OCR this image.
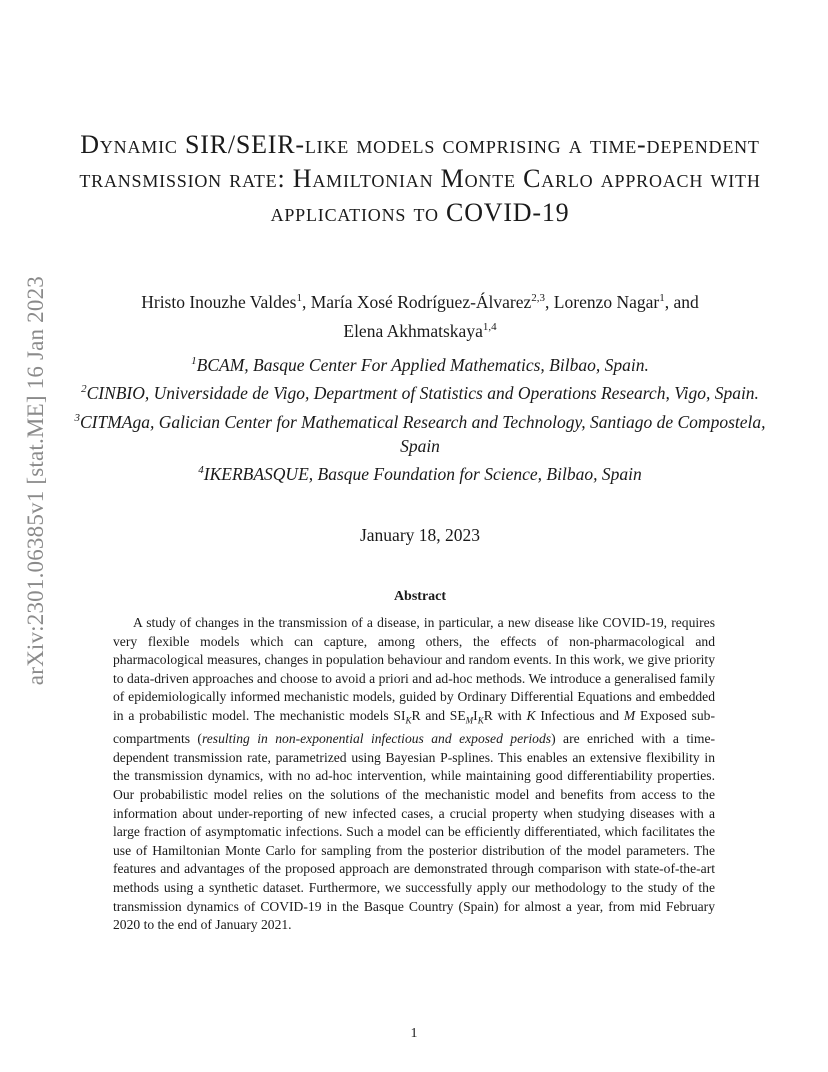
arXiv:2301.06385v1 [stat.ME] 16 Jan 2023
Dynamic SIR/SEIR-like models comprising a time-dependent transmission rate: Hamiltonian Monte Carlo approach with applications to COVID-19
Hristo Inouzhe Valdes$^1$, María Xosé Rodríguez-Álvarez$^{2,3}$, Lorenzo Nagar$^1$, and
Elena Akhmatskaya$^{1,4}$
$^1$BCAM, Basque Center For Applied Mathematics, Bilbao, Spain.
$^2$CINBIO, Universidade de Vigo, Department of Statistics and Operations Research, Vigo, Spain.
$^3$CITMAga, Galician Center for Mathematical Research and Technology, Santiago de Compostela, Spain
$^4$IKERBASQUE, Basque Foundation for Science, Bilbao, Spain
January 18, 2023
Abstract

A study of changes in the transmission of a disease, in particular, a new disease like COVID-19, requires very flexible models which can capture, among others, the effects of non-pharmacological and pharmacological measures, changes in population behaviour and random events. In this work, we give priority to data-driven approaches and choose to avoid a priori and ad-hoc methods. We introduce a generalised family of epidemiologically informed mechanistic models, guided by Ordinary Differential Equations and embedded in a probabilistic model. The mechanistic models $SI_KR$ and $SE_MI_KR$ with K Infectious and M Exposed sub-compartments (resulting in non-exponential infectious and exposed periods) are enriched with a time-dependent transmission rate, parametrized using Bayesian P-splines. This enables an extensive flexibility in the transmission dynamics, with no ad-hoc intervention, while maintaining good differentiability properties. Our probabilistic model relies on the solutions of the mechanistic model and benefits from access to the information about under-reporting of new infected cases, a crucial property when studying diseases with a large fraction of asymptomatic infections. Such a model can be efficiently differentiated, which facilitates the use of Hamiltonian Monte Carlo for sampling from the posterior distribution of the model parameters. The features and advantages of the proposed approach are demonstrated through comparison with state-of-the-art methods using a synthetic dataset. Furthermore, we successfully apply our methodology to the study of the transmission dynamics of COVID-19 in the Basque Country (Spain) for almost a year, from mid February 2020 to the end of January 2021.

1
